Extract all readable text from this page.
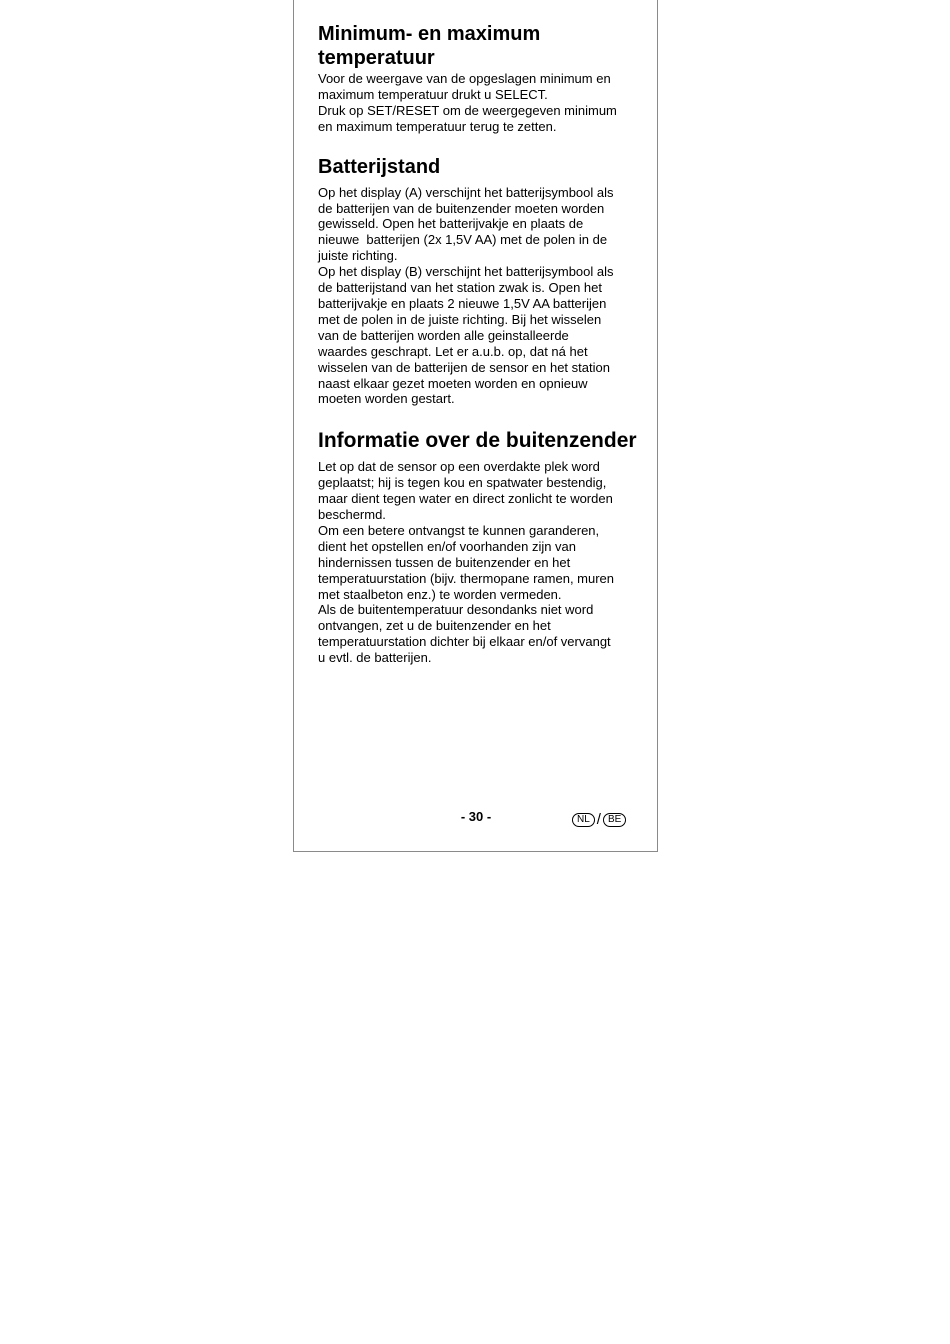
Minimum- en maximum temperatuur

Voor de weergave van de opgeslagen minimum en
maximum temperatuur drukt u SELECT.
Druk op SET/RESET om de weergegeven minimum
en maximum temperatuur terug te zetten.

Batterijstand

Op het display (A) verschijnt het batterijsymbool als
de batterijen van de buitenzender moeten worden
gewisseld. Open het batterijvakje en plaats de
nieuwe  batterijen (2x 1,5V AA) met de polen in de
juiste richting.
Op het display (B) verschijnt het batterijsymbool als
de batterijstand van het station zwak is. Open het
batterijvakje en plaats 2 nieuwe 1,5V AA batterijen
met de polen in de juiste richting. Bij het wisselen
van de batterijen worden alle geinstalleerde
waardes geschrapt. Let er a.u.b. op, dat ná het
wisselen van de batterijen de sensor en het station
naast elkaar gezet moeten worden en opnieuw
moeten worden gestart.

Informatie over de buitenzender

Let op dat de sensor op een overdakte plek word
geplaatst; hij is tegen kou en spatwater bestendig,
maar dient tegen water en direct zonlicht te worden
beschermd.
Om een betere ontvangst te kunnen garanderen,
dient het opstellen en/of voorhanden zijn van
hindernissen tussen de buitenzender en het
temperatuurstation (bijv. thermopane ramen, muren
met staalbeton enz.) te worden vermeden.
Als de buitentemperatuur desondanks niet word
ontvangen, zet u de buitenzender en het
temperatuurstation dichter bij elkaar en/of vervangt
u evtl. de batterijen.

- 30 -	NL / BE
